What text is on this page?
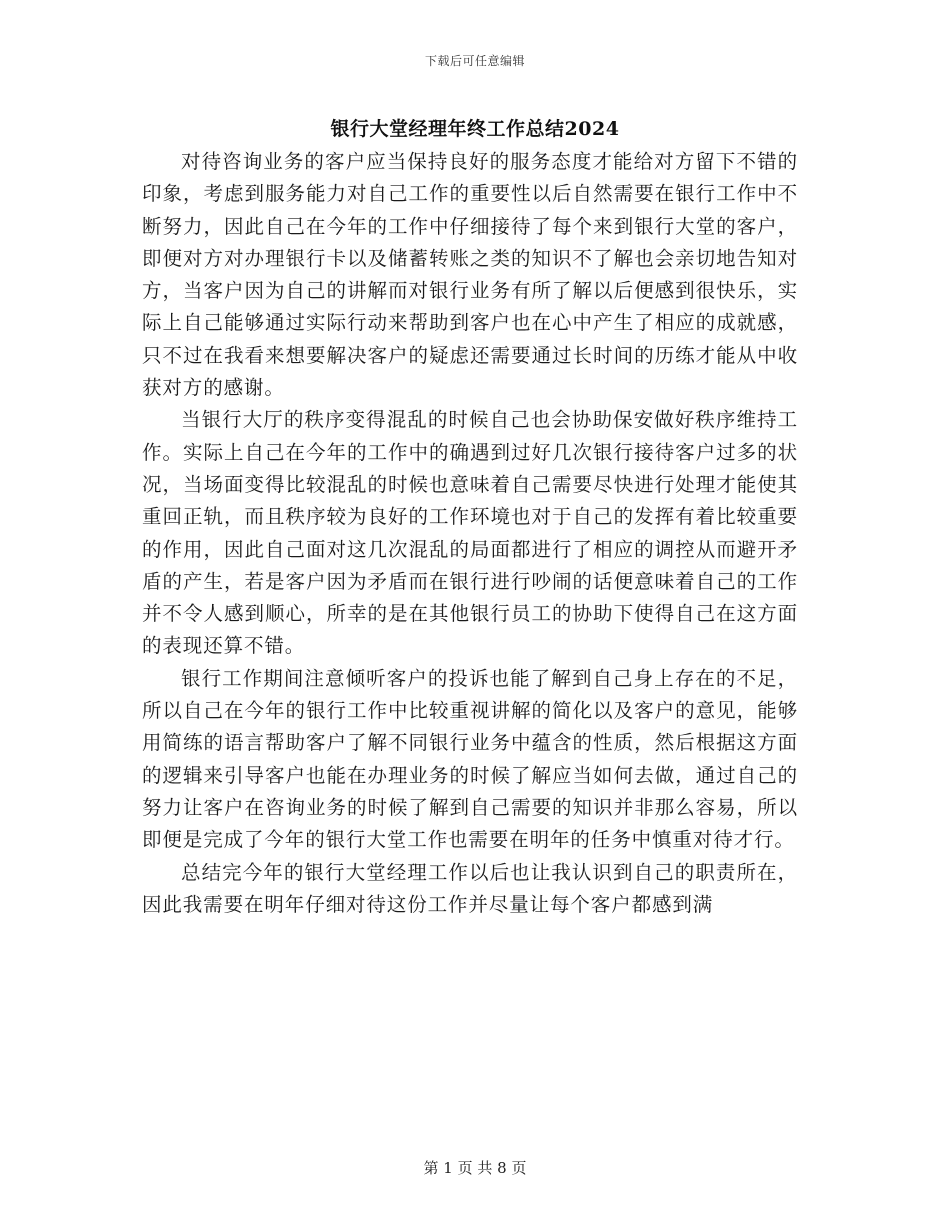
下载后可任意编辑
银行大堂经理年终工作总结2024

对待咨询业务的客户应当保持良好的服务态度才能给对方留下不错的印象，考虑到服务能力对自己工作的重要性以后自然需要在银行工作中不断努力，因此自己在今年的工作中仔细接待了每个来到银行大堂的客户，即便对方对办理银行卡以及储蓄转账之类的知识不了解也会亲切地告知对方，当客户因为自己的讲解而对银行业务有所了解以后便感到很快乐，实际上自己能够通过实际行动来帮助到客户也在心中产生了相应的成就感，只不过在我看来想要解决客户的疑虑还需要通过长时间的历练才能从中收获对方的感谢。

当银行大厅的秩序变得混乱的时候自己也会协助保安做好秩序维持工作。实际上自己在今年的工作中的确遇到过好几次银行接待客户过多的状况，当场面变得比较混乱的时候也意味着自己需要尽快进行处理才能使其重回正轨，而且秩序较为良好的工作环境也对于自己的发挥有着比较重要的作用，因此自己面对这几次混乱的局面都进行了相应的调控从而避开矛盾的产生，若是客户因为矛盾而在银行进行吵闹的话便意味着自己的工作并不令人感到顺心，所幸的是在其他银行员工的协助下使得自己在这方面的表现还算不错。

银行工作期间注意倾听客户的投诉也能了解到自己身上存在的不足，所以自己在今年的银行工作中比较重视讲解的简化以及客户的意见，能够用简练的语言帮助客户了解不同银行业务中蕴含的性质，然后根据这方面的逻辑来引导客户也能在办理业务的时候了解应当如何去做，通过自己的努力让客户在咨询业务的时候了解到自己需要的知识并非那么容易，所以即便是完成了今年的银行大堂工作也需要在明年的任务中慎重对待才行。

总结完今年的银行大堂经理工作以后也让我认识到自己的职责所在，因此我需要在明年仔细对待这份工作并尽量让每个客户都感到满

第 1 页 共 8 页
